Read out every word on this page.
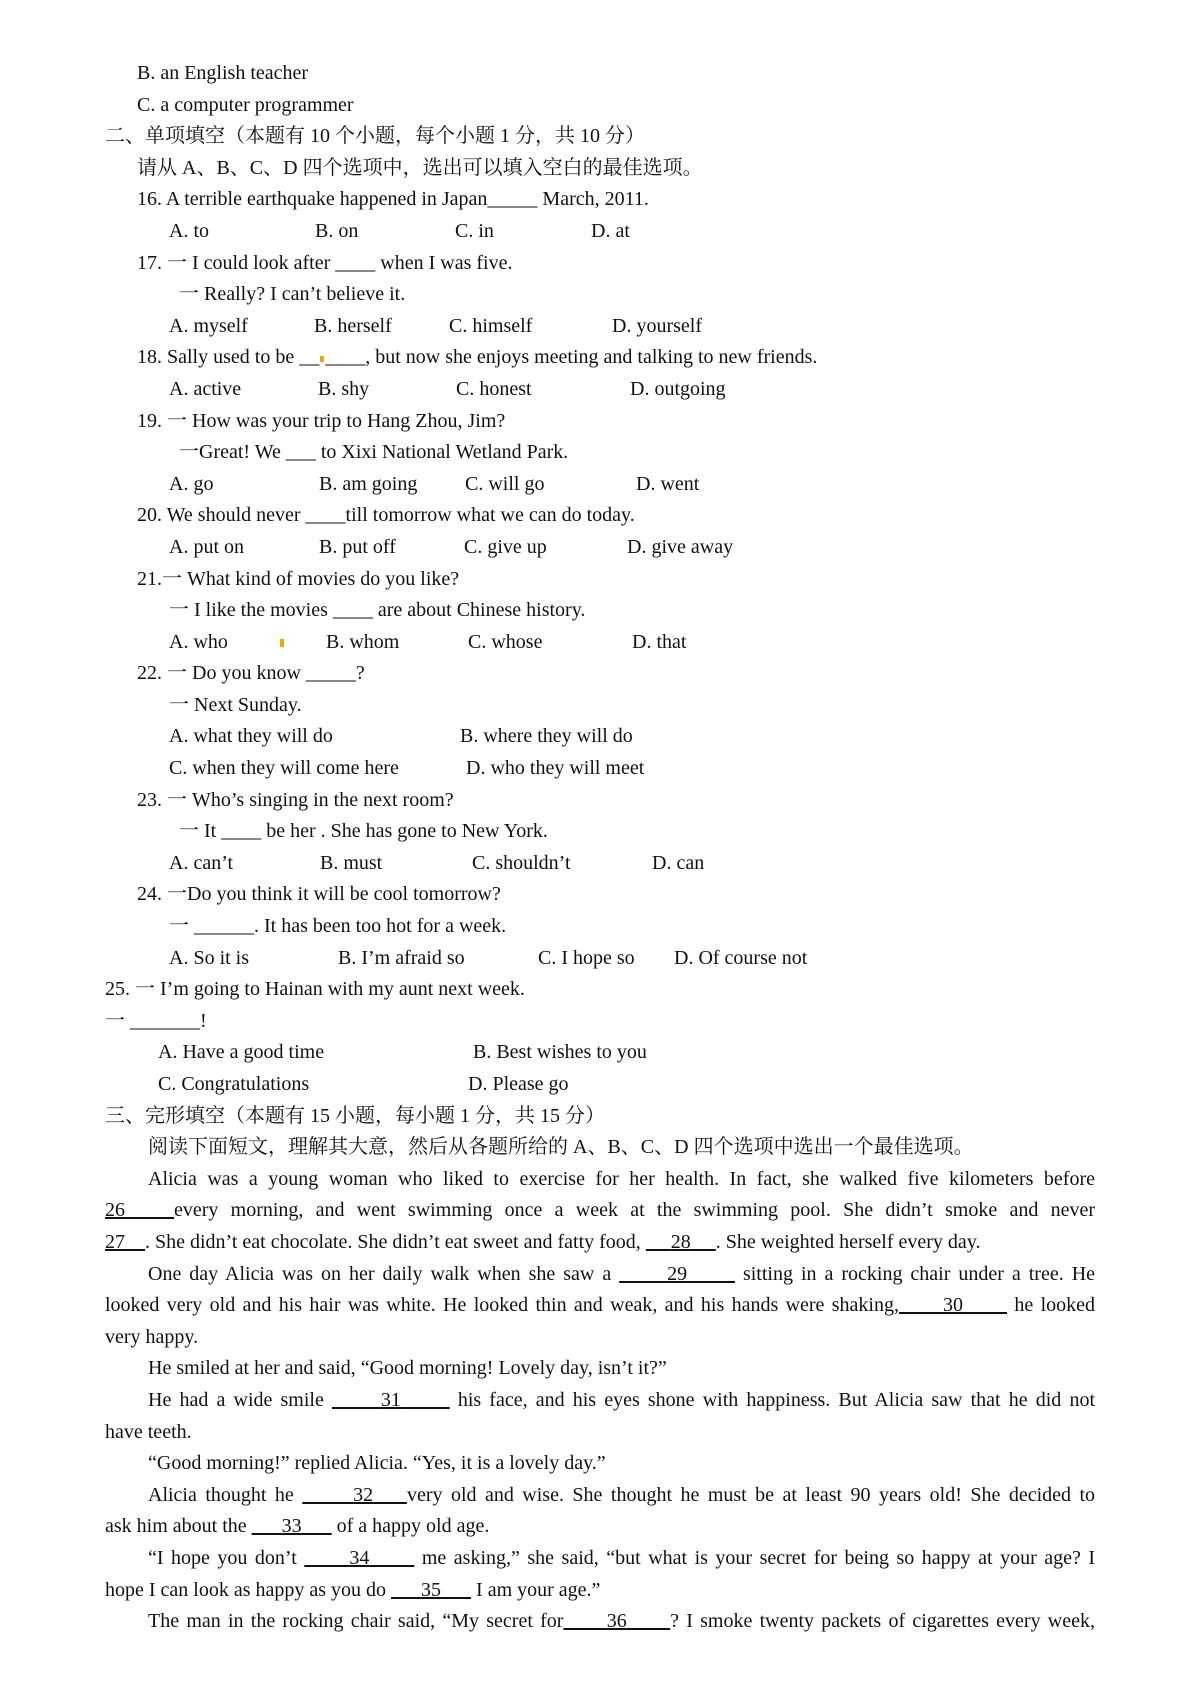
B. an English teacher
C. a computer programmer
二、单项填空（本题有 10 个小题，每个小题 1 分，共 10 分）
请从 A、B、C、D 四个选项中，选出可以填入空白的最佳选项。
16. A terrible earthquake happened in Japan_____ March, 2011.
A. to	B. on	C. in	D. at
17. 一 I could look after ____ when I was five.
一 Really? I can’t believe it.
A. myself	B. herself	C. himself	D. yourself
18. Sally used to be __ ____, but now she enjoys meeting and talking to new friends.
A. active	B. shy	C. honest	D. outgoing
19. 一 How was your trip to Hang Zhou, Jim?
一Great! We ___ to Xixi National Wetland Park.
A. go	B. am going	C. will go	D. went
20. We should never ____till tomorrow what we can do today.
A. put on	B. put off	C. give up	D. give away
21.一 What kind of movies do you like?
一 I like the movies ____ are about Chinese history.
A. who	B. whom	C. whose	D. that
22. 一 Do you know _____?
一 Next Sunday.
A. what they will do	B. where they will do
C. when they will come here	D. who they will meet
23. 一 Who’s singing in the next room?
一 It ____ be her . She has gone to New York.
A. can’t	B. must	C. shouldn’t	D. can
24. 一Do you think it will be cool tomorrow?
一 ______. It has been too hot for a week.
A. So it is	B. I’m afraid so	C. I hope so	D. Of course not
25. 一 I’m going to Hainan with my aunt next week.
一 _______!
A. Have a good time	B. Best wishes to you
C. Congratulations	D. Please go
三、完形填空（本题有 15 小题，每小题 1 分，共 15 分）
阅读下面短文，理解其大意，然后从各题所给的 A、B、C、D 四个选项中选出一个最佳选项。
Alicia was a young woman who liked to exercise for her health. In fact, she walked five kilometers before
26 every morning, and went swimming once a week at the swimming pool. She didn’t smoke and never
27 . She didn’t eat chocolate. She didn’t eat sweet and fatty food, 28 . She weighted herself every day.
One day Alicia was on her daily walk when she saw a	29	sitting in a rocking chair under a tree. He
looked very old and his hair was white. He looked thin and weak, and his hands were shaking, 30	he looked
very happy.
He smiled at her and said, “Good morning! Lovely day, isn’t it?”
He had a wide smile	31	his face, and his eyes shone with happiness. But Alicia saw that he did not
have teeth.
“Good morning!” replied Alicia. “Yes, it is a lovely day.”
Alicia thought he	32 very old and wise. She thought he must be at least 90 years old! She decided to
ask him about the 33 of a happy old age.
“I hope you don’t	34	me asking,” she said, “but what is your secret for being so happy at your age? I
hope I can look as happy as you do 35 I am your age.”
The man in the rocking chair said, “My secret for 36 ? I smoke twenty packets of cigarettes every week,
